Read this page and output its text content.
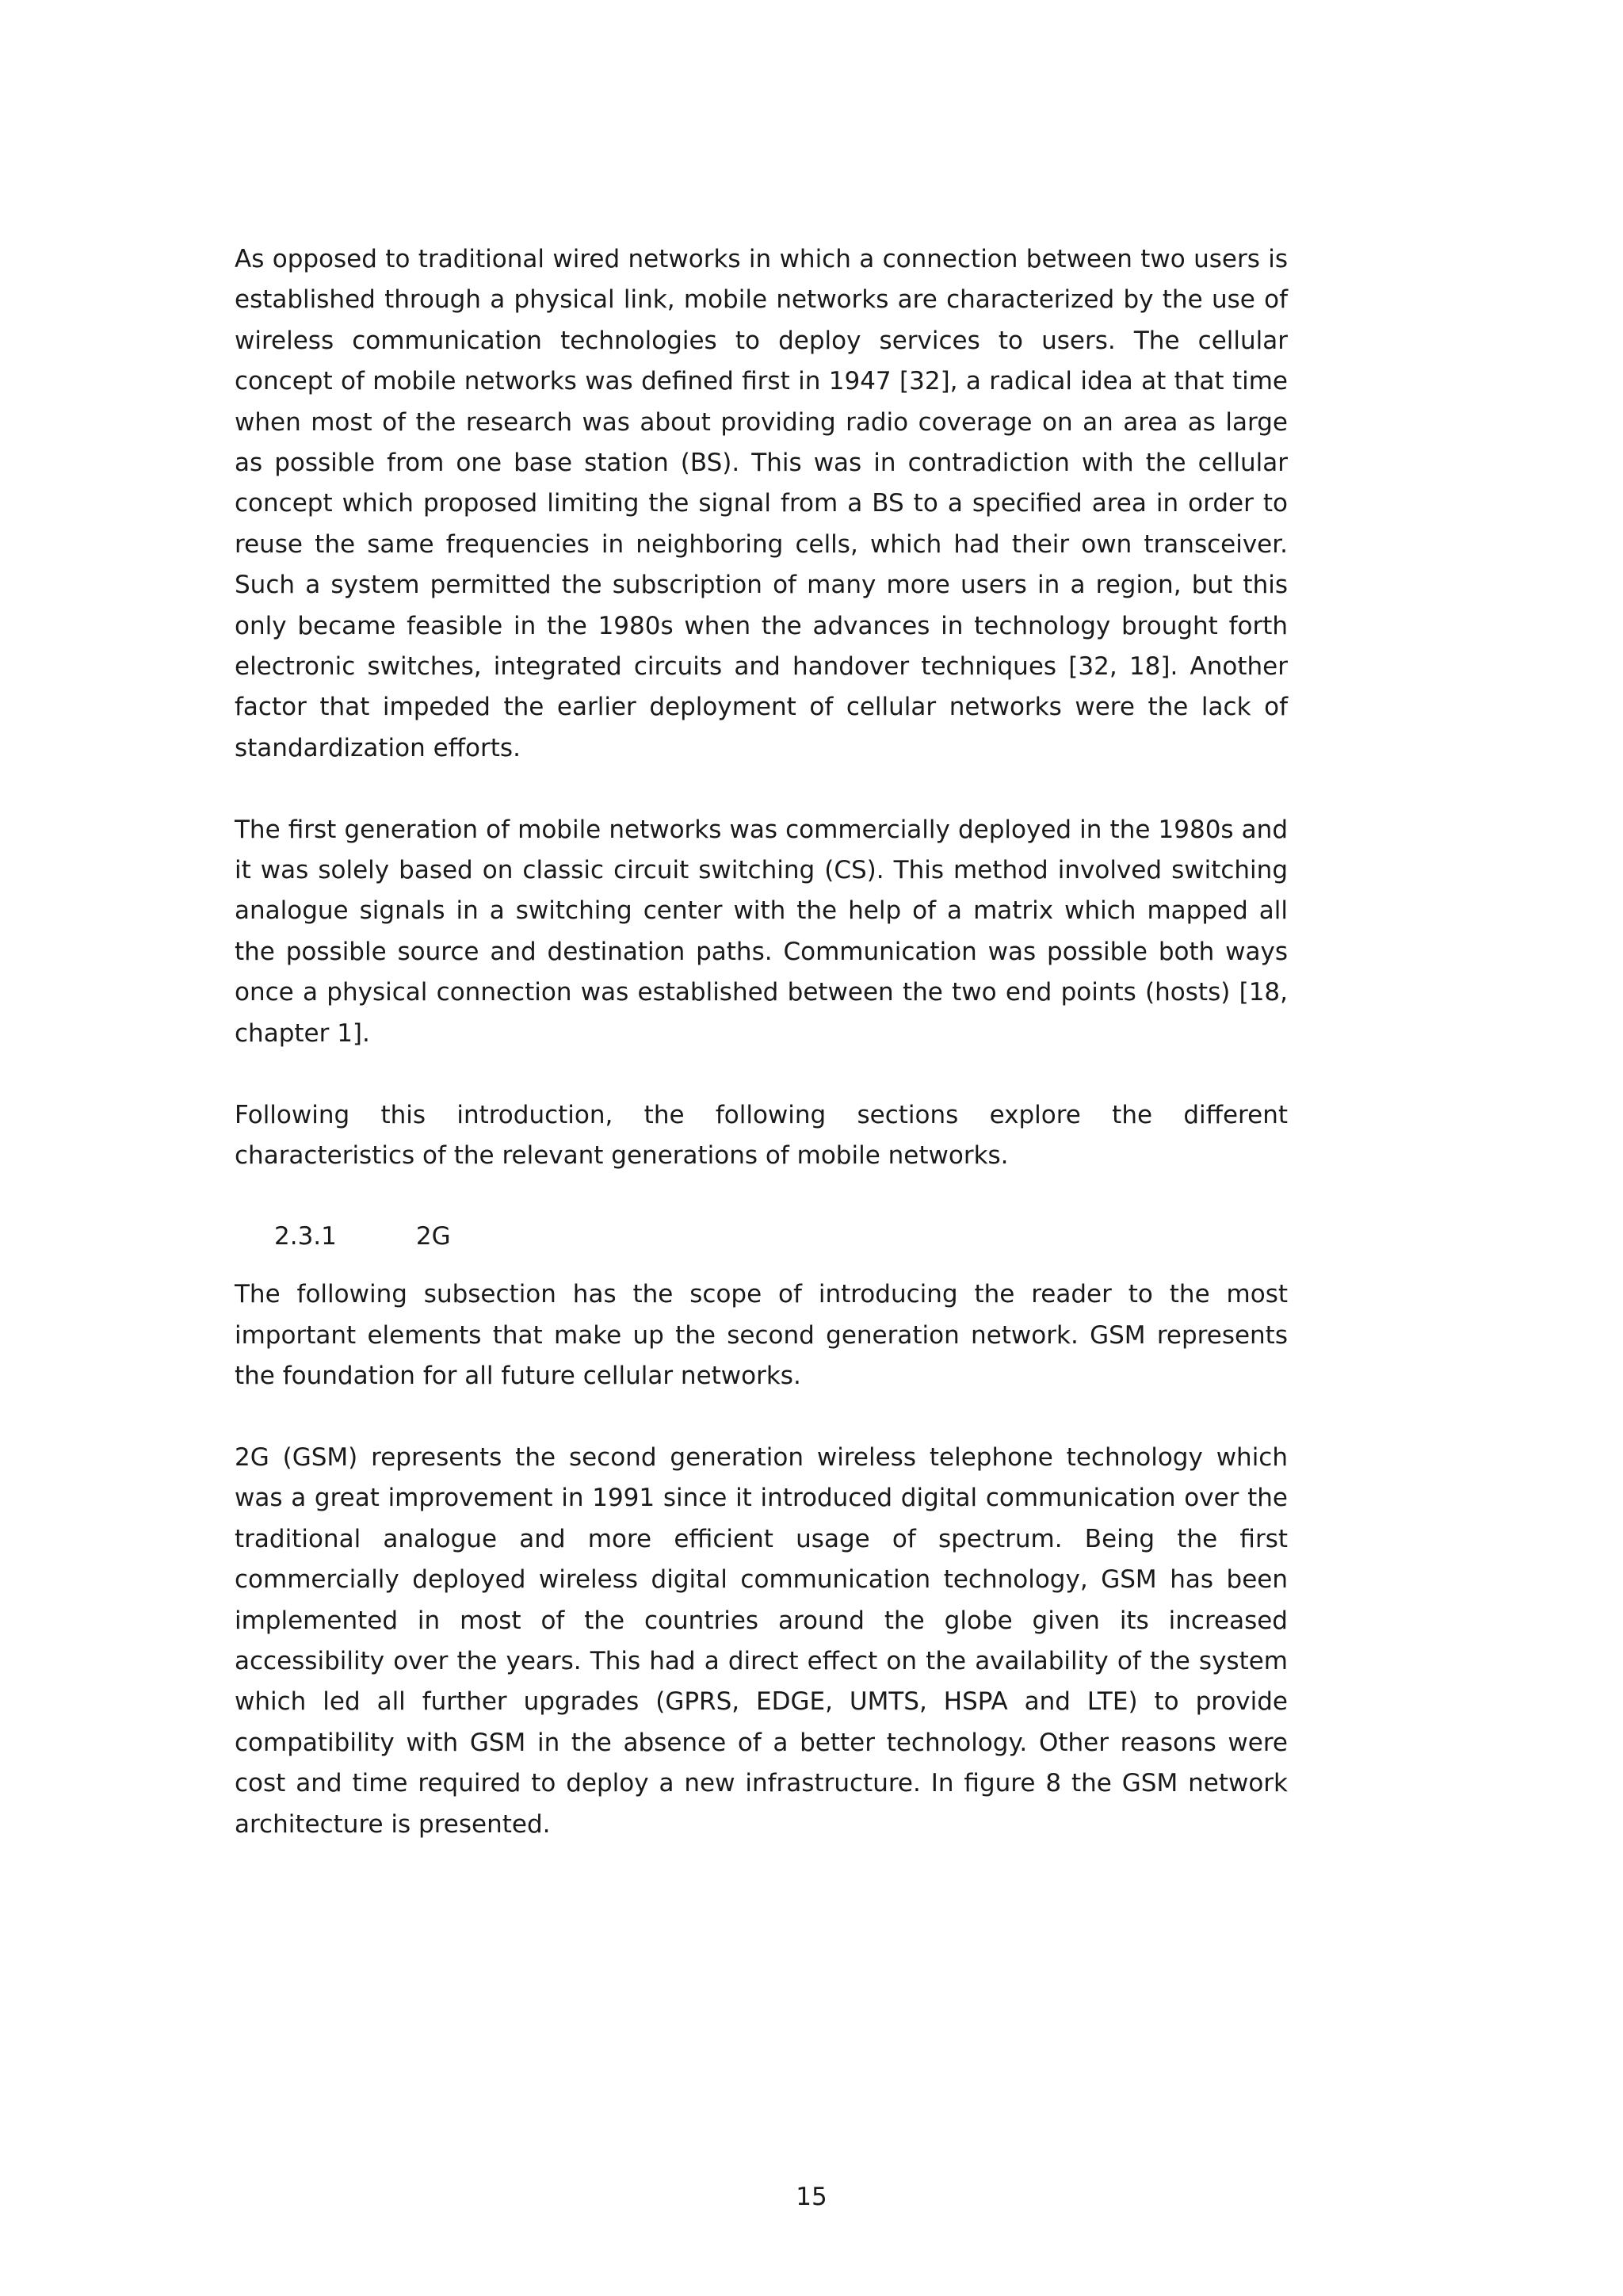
As opposed to traditional wired networks in which a connection between two users is established through a physical link, mobile networks are characterized by the use of wireless communication technologies to deploy services to users. The cellular concept of mobile networks was defined first in 1947 [32], a radical idea at that time when most of the research was about providing radio coverage on an area as large as possible from one base station (BS). This was in contradiction with the cellular concept which proposed limiting the signal from a BS to a specified area in order to reuse the same frequencies in neighboring cells, which had their own transceiver. Such a system permitted the subscription of many more users in a region, but this only became feasible in the 1980s when the advances in technology brought forth electronic switches, integrated circuits and handover techniques [32, 18]. Another factor that impeded the earlier deployment of cellular networks were the lack of standardization efforts.

The first generation of mobile networks was commercially deployed in the 1980s and it was solely based on classic circuit switching (CS). This method involved switching analogue signals in a switching center with the help of a matrix which mapped all the possible source and destination paths. Communication was possible both ways once a physical connection was established between the two end points (hosts) [18, chapter 1].

Following this introduction, the following sections explore the different characteristics of the relevant generations of mobile networks.

2.3.1	2G

The following subsection has the scope of introducing the reader to the most important elements that make up the second generation network. GSM represents the foundation for all future cellular networks.

2G (GSM) represents the second generation wireless telephone technology which was a great improvement in 1991 since it introduced digital communication over the traditional analogue and more efficient usage of spectrum. Being the first commercially deployed wireless digital communication technology, GSM has been implemented in most of the countries around the globe given its increased accessibility over the years. This had a direct effect on the availability of the system which led all further upgrades (GPRS, EDGE, UMTS, HSPA and LTE) to provide compatibility with GSM in the absence of a better technology. Other reasons were cost and time required to deploy a new infrastructure. In figure 8 the GSM network architecture is presented.

15
